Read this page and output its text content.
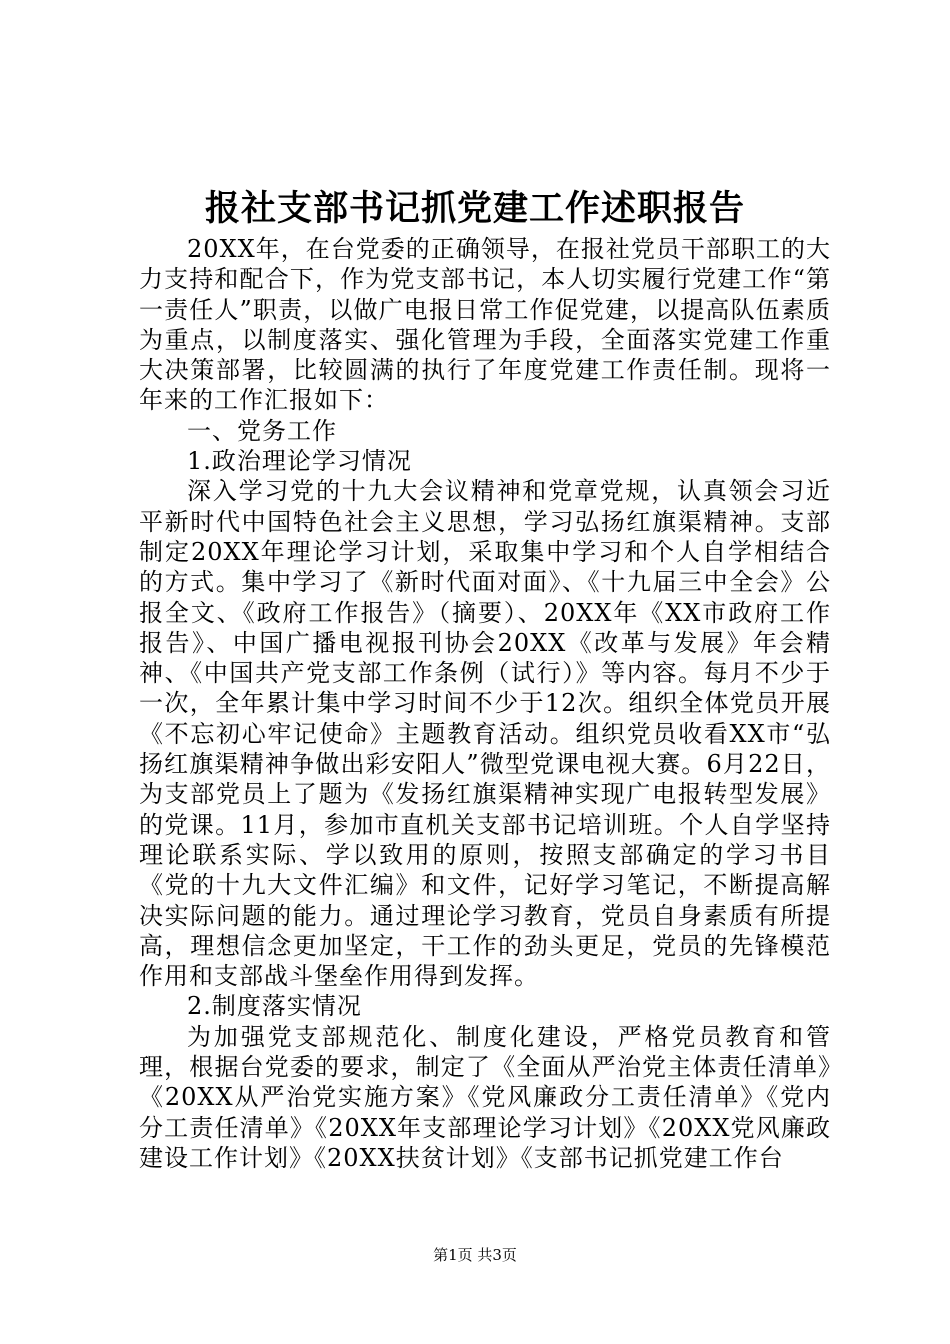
报社支部书记抓党建工作述职报告

20XX年，在台党委的正确领导，在报社党员干部职工的大力支持和配合下，作为党支部书记，本人切实履行党建工作“第一责任人”职责，以做广电报日常工作促党建，以提高队伍素质为重点，以制度落实、强化管理为手段，全面落实党建工作重大决策部署，比较圆满的执行了年度党建工作责任制。现将一年来的工作汇报如下：

一、党务工作

1.政治理论学习情况

深入学习党的十九大会议精神和党章党规，认真领会习近平新时代中国特色社会主义思想，学习弘扬红旗渠精神。支部制定20XX年理论学习计划，采取集中学习和个人自学相结合的方式。集中学习了《新时代面对面》、《十九届三中全会》公报全文、《政府工作报告》（摘要）、20XX年《XX市政府工作报告》、中国广播电视报刊协会20XX《改革与发展》年会精神、《中国共产党支部工作条例（试行）》等内容。每月不少于一次，全年累计集中学习时间不少于12次。组织全体党员开展《不忘初心牢记使命》主题教育活动。组织党员收看XX市“弘扬红旗渠精神争做出彩安阳人”微型党课电视大赛。6月22日，为支部党员上了题为《发扬红旗渠精神实现广电报转型发展》的党课。11月，参加市直机关支部书记培训班。个人自学坚持理论联系实际、学以致用的原则，按照支部确定的学习书目《党的十九大文件汇编》和文件，记好学习笔记，不断提高解决实际问题的能力。通过理论学习教育，党员自身素质有所提高，理想信念更加坚定，干工作的劲头更足，党员的先锋模范作用和支部战斗堡垒作用得到发挥。

2.制度落实情况

为加强党支部规范化、制度化建设，严格党员教育和管理，根据台党委的要求，制定了《全面从严治党主体责任清单》《20XX从严治党实施方案》《党风廉政分工责任清单》《党内分工责任清单》《20XX年支部理论学习计划》《20XX党风廉政建设工作计划》《20XX扶贫计划》《支部书记抓党建工作台

第1页 共3页
